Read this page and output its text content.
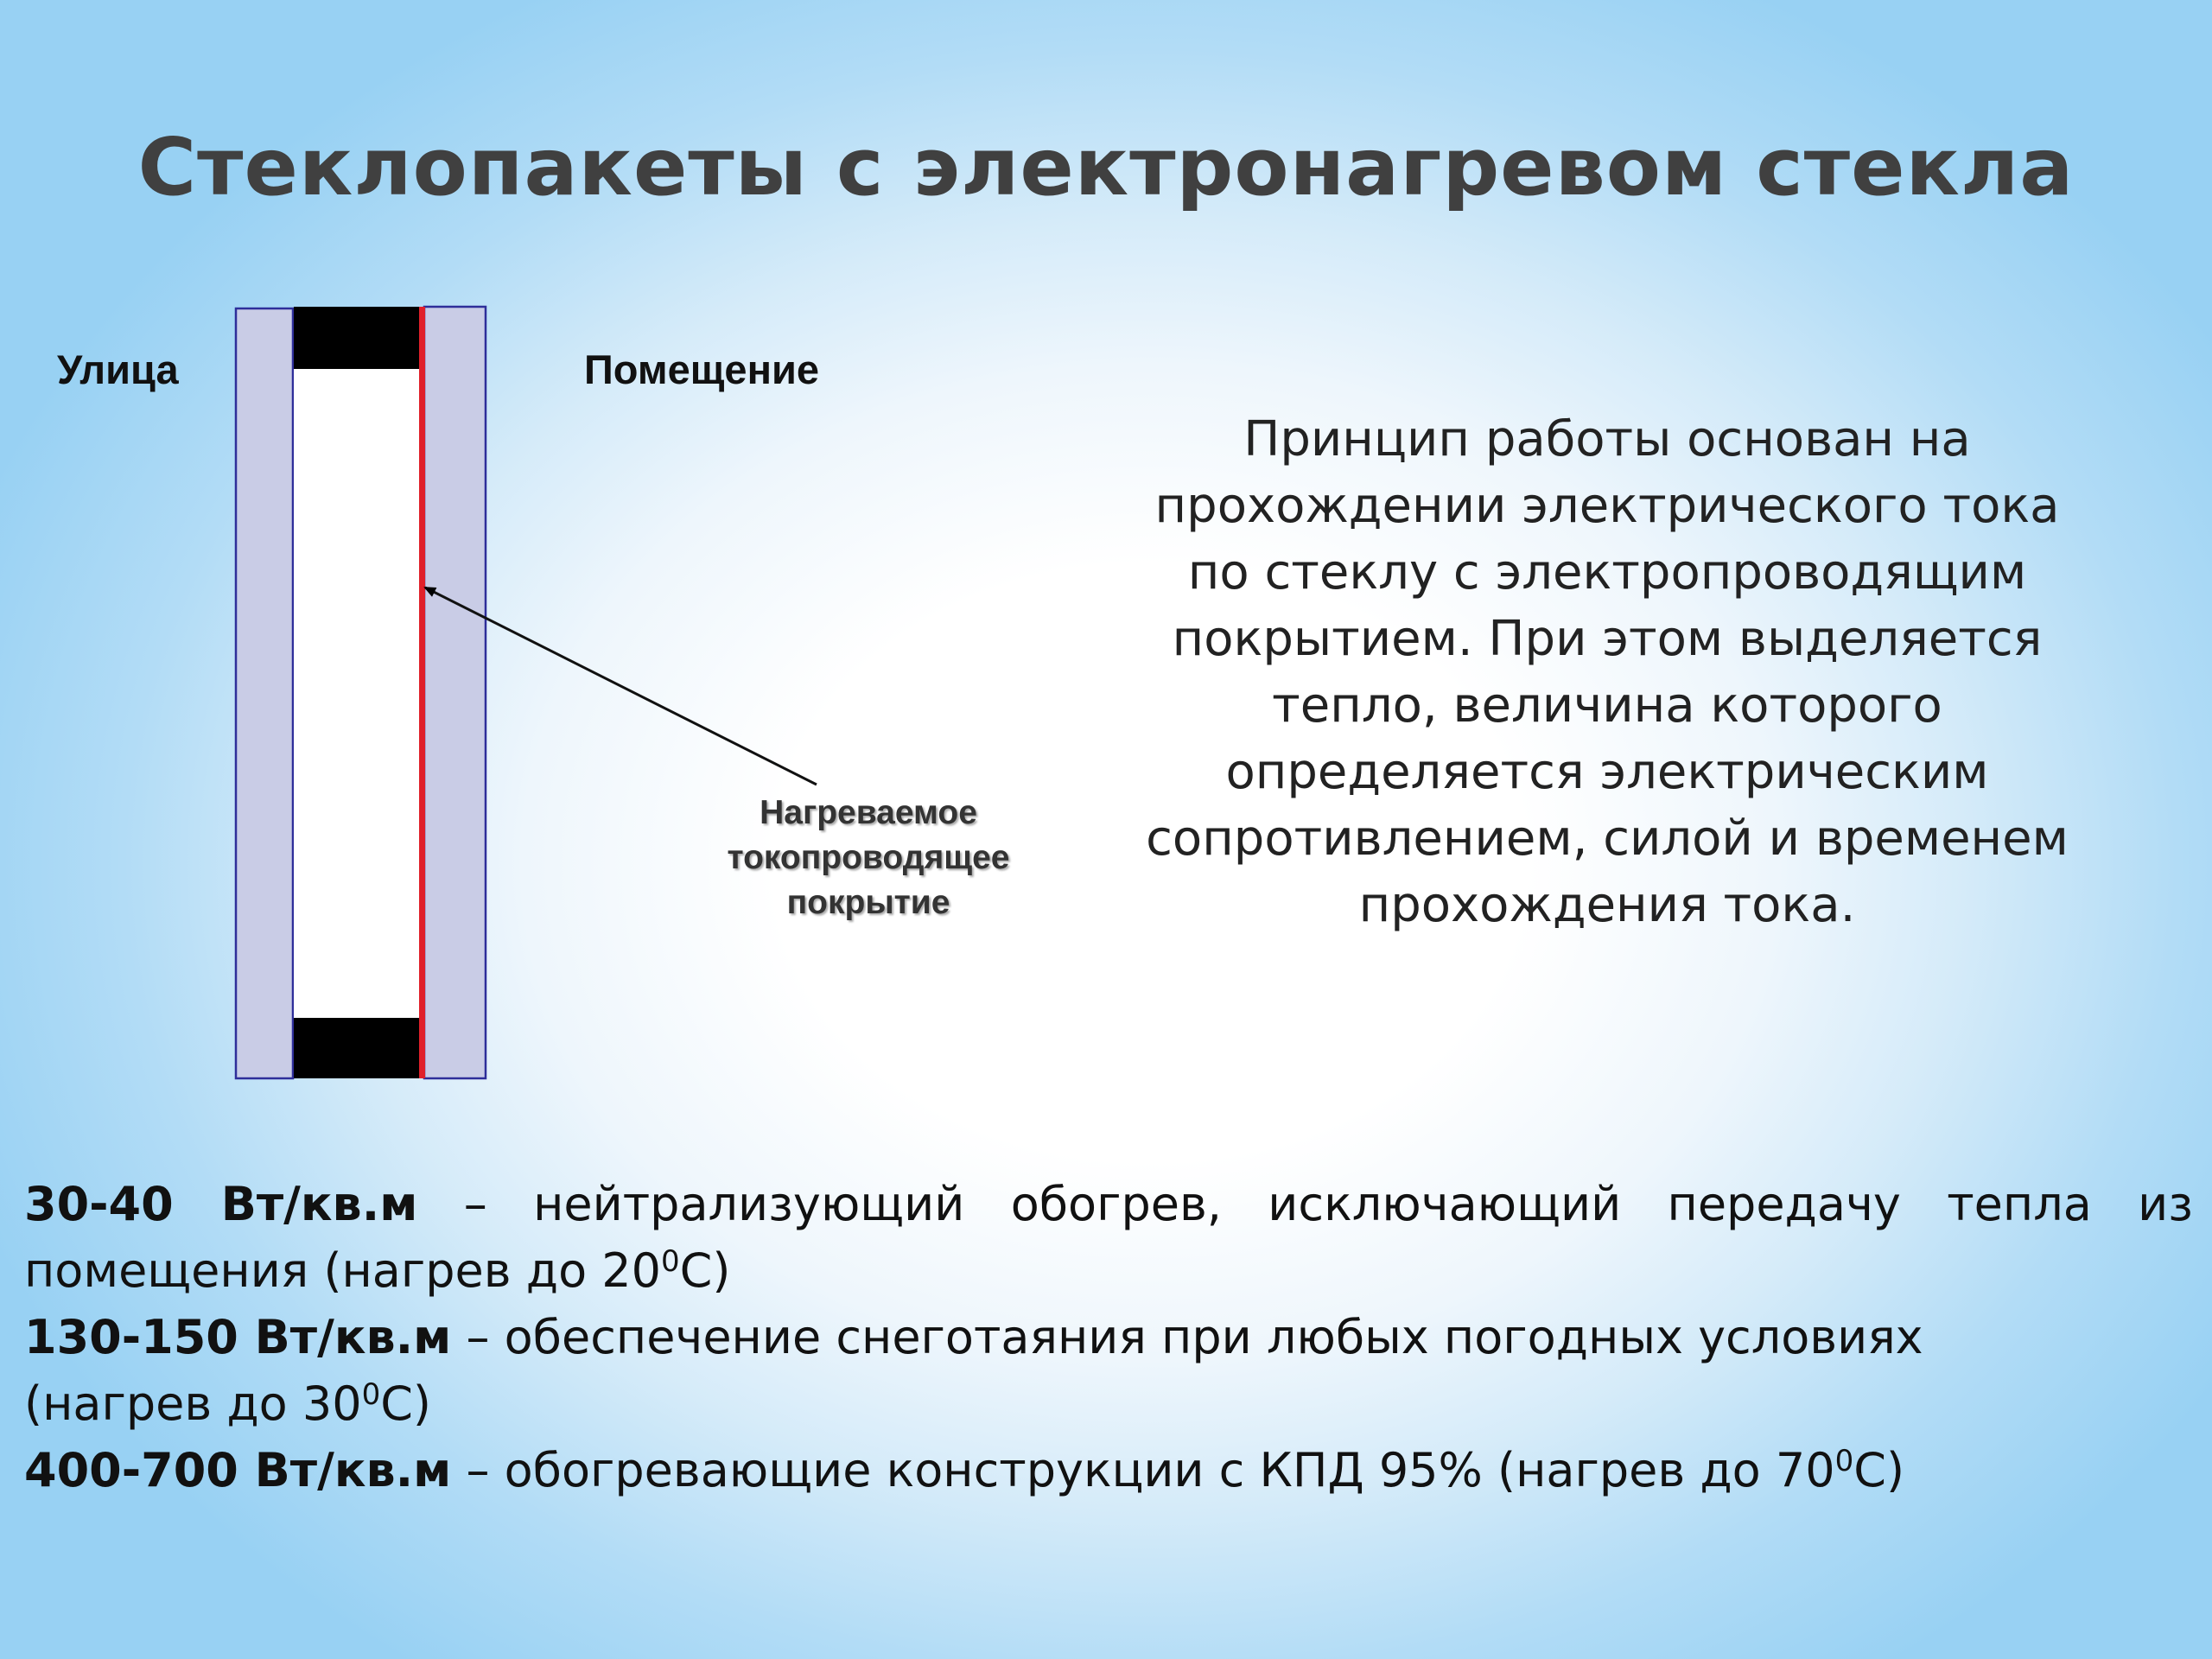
Стеклопакеты с электронагревом стекла
Улица	Помещение
Нагреваемое
токопроводящее
покрытие
Принцип работы основан на
прохождении электрического тока
по стеклу с электропроводящим
покрытием. При этом выделяется
тепло, величина которого
определяется электрическим
сопротивлением, силой и временем
прохождения тока.
30-40 Вт/кв.м – нейтрализующий обогрев, исключающий передачу тепла из помещения (нагрев до $20^0С$)
130-150 Вт/кв.м – обеспечение снеготаяния при любых погодных условиях
(нагрев до $30^0С$)
400-700 Вт/кв.м – обогревающие конструкции с КПД 95% (нагрев до $70^0С$)
